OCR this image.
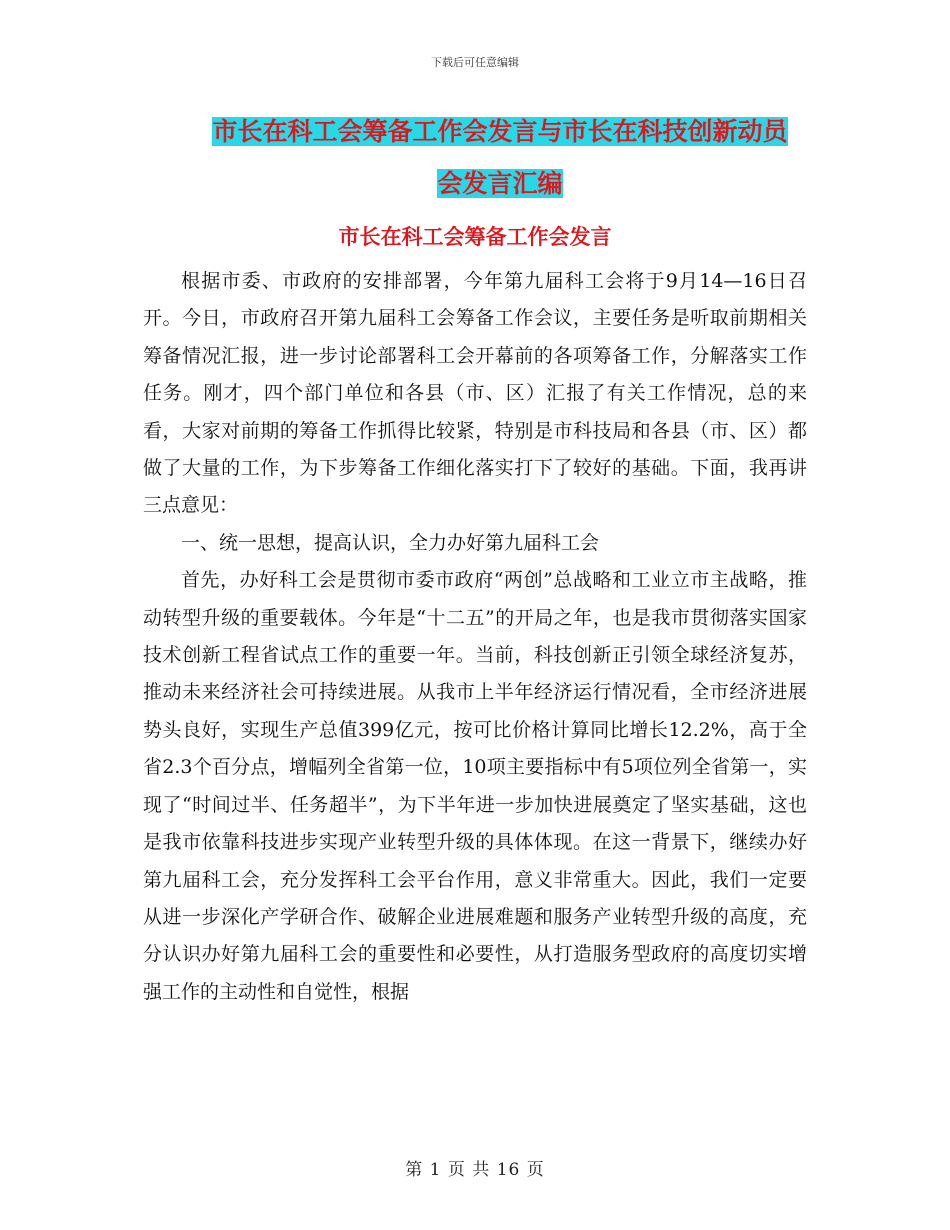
下载后可任意编辑
市长在科工会筹备工作会发言与市长在科技创新动员
会发言汇编
市长在科工会筹备工作会发言

根据市委、市政府的安排部署，今年第九届科工会将于9月14—16日召开。今日，市政府召开第九届科工会筹备工作会议，主要任务是听取前期相关筹备情况汇报，进一步讨论部署科工会开幕前的各项筹备工作，分解落实工作任务。刚才，四个部门单位和各县（市、区）汇报了有关工作情况，总的来看，大家对前期的筹备工作抓得比较紧，特别是市科技局和各县（市、区）都做了大量的工作，为下步筹备工作细化落实打下了较好的基础。下面，我再讲三点意见：

一、统一思想，提高认识，全力办好第九届科工会

首先，办好科工会是贯彻市委市政府“两创”总战略和工业立市主战略，推动转型升级的重要载体。今年是“十二五”的开局之年，也是我市贯彻落实国家技术创新工程省试点工作的重要一年。当前，科技创新正引领全球经济复苏，推动未来经济社会可持续进展。从我市上半年经济运行情况看，全市经济进展势头良好，实现生产总值399亿元，按可比价格计算同比增长12.2%，高于全省2.3个百分点，增幅列全省第一位，10项主要指标中有5项位列全省第一，实现了“时间过半、任务超半”，为下半年进一步加快进展奠定了坚实基础，这也是我市依靠科技进步实现产业转型升级的具体体现。在这一背景下，继续办好第九届科工会，充分发挥科工会平台作用，意义非常重大。因此，我们一定要从进一步深化产学研合作、破解企业进展难题和服务产业转型升级的高度，充分认识办好第九届科工会的重要性和必要性，从打造服务型政府的高度切实增强工作的主动性和自觉性，根据

第 1 页 共 16 页
